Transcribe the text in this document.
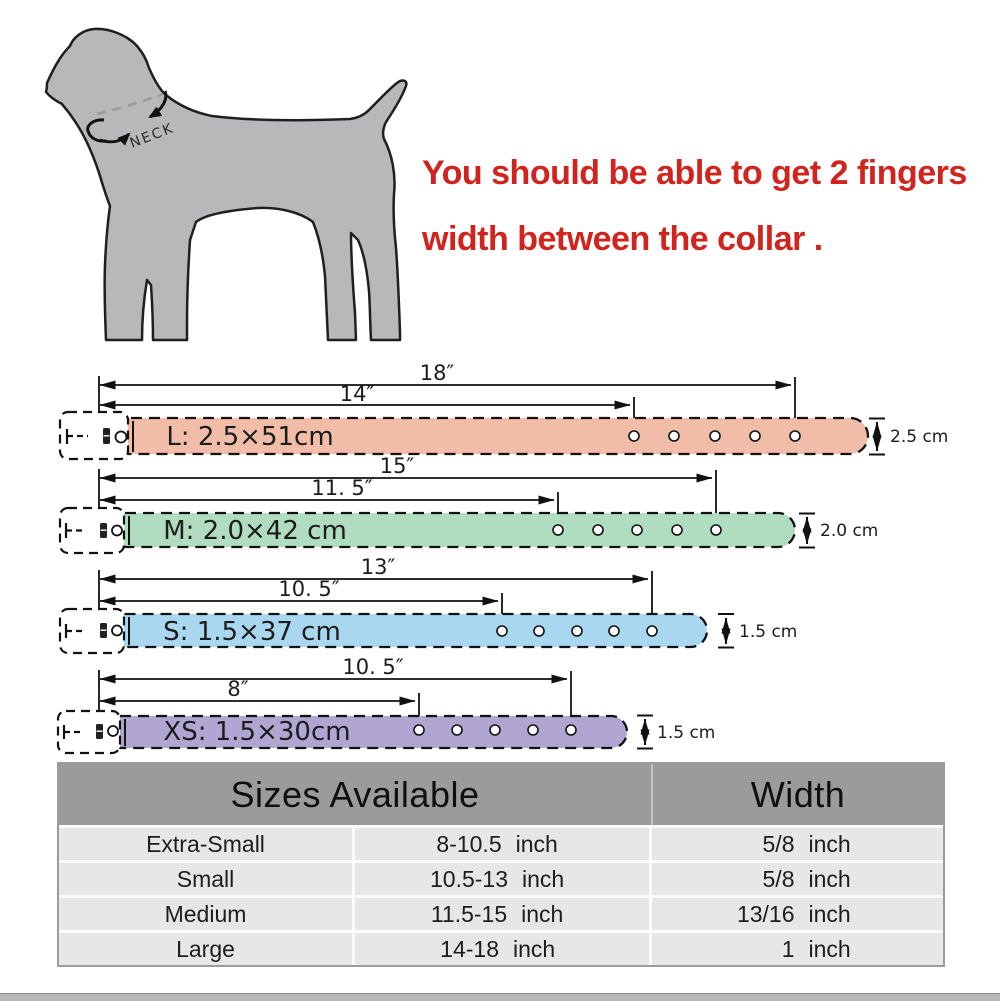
NECK
18″
14″
L: 2.5×51cm	2.5 cm
15″
11. 5″
M: 2.0×42 cm	2.0 cm
13″
10. 5″
S: 1.5×37 cm	1.5 cm
10. 5″
8″
XS: 1.5×30cm	1.5 cm
You should be able to get 2 fingers
width between the collar .
Sizes Available	Width
Extra-Small	8-10.5 inch	5/8 inch
Small	10.5-13 inch	5/8 inch
Medium	11.5-15 inch	13/16 inch
Large	14-18 inch	1 inch
